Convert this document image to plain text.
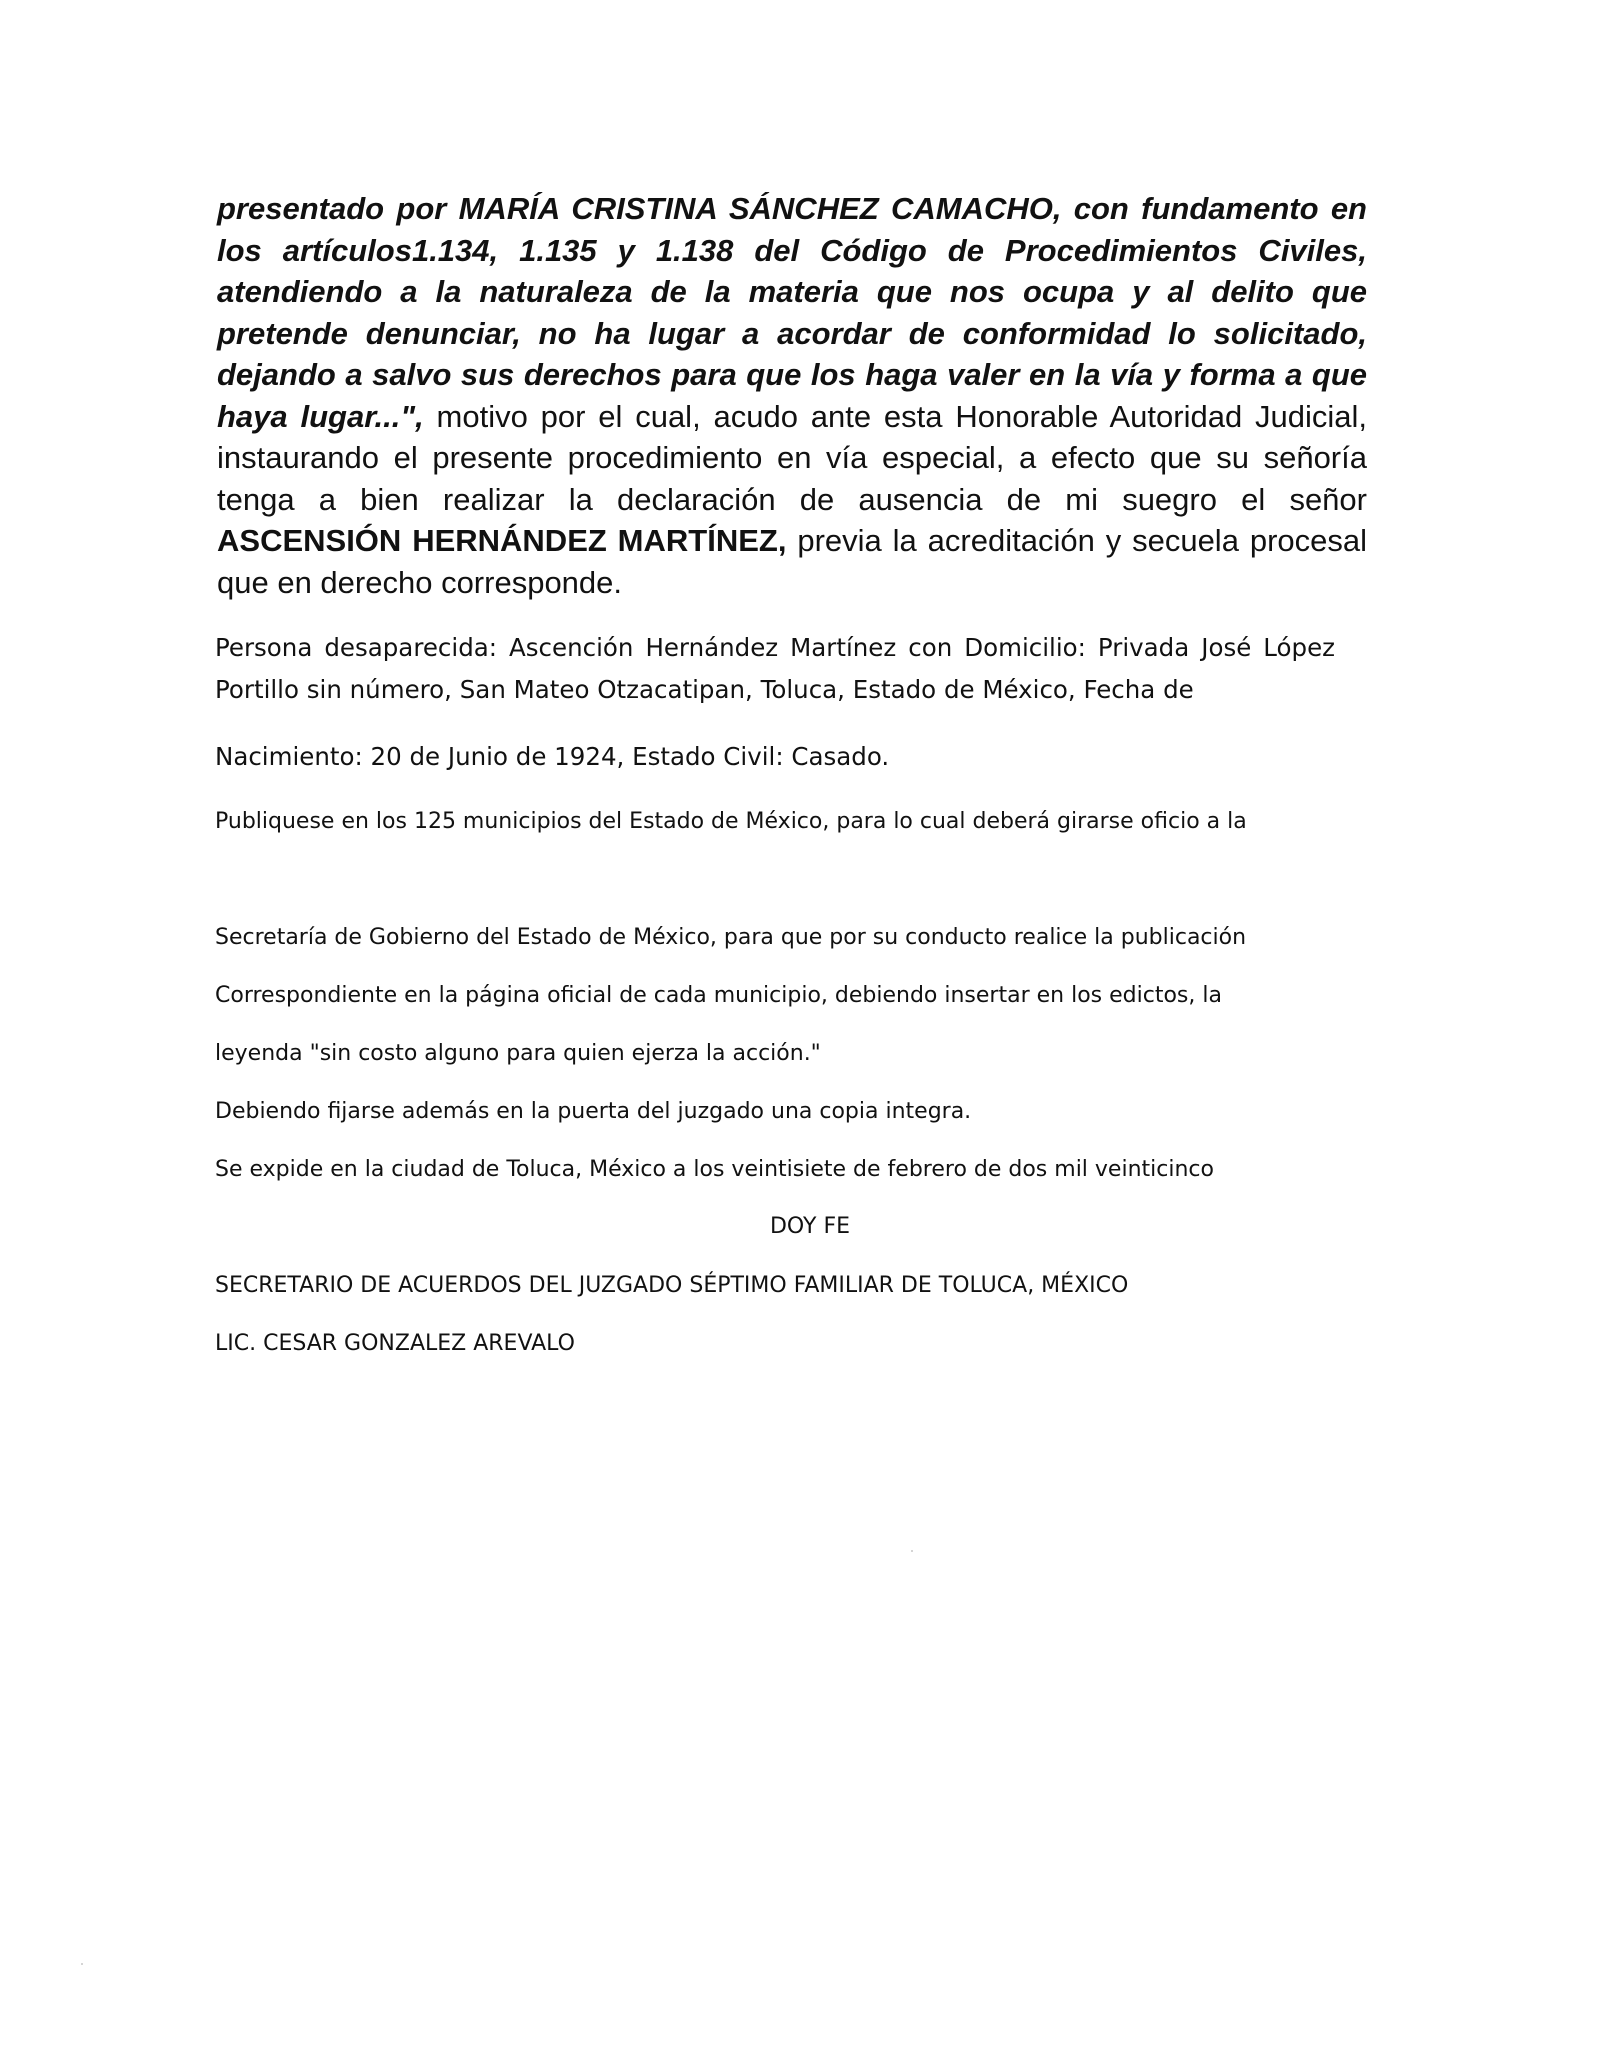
presentado por MARÍA CRISTINA SÁNCHEZ CAMACHO, con fundamento en los artículos1.134, 1.135 y 1.138 del Código de Procedimientos Civiles, atendiendo a la naturaleza de la materia que nos ocupa y al delito que pretende denunciar, no ha lugar a acordar de conformidad lo solicitado, dejando a salvo sus derechos para que los haga valer en la vía y forma a que haya lugar...", motivo por el cual, acudo ante esta Honorable Autoridad Judicial, instaurando el presente procedimiento en vía especial, a efecto que su señoría tenga a bien realizar la declaración de ausencia de mi suegro el señor ASCENSIÓN HERNÁNDEZ MARTÍNEZ, previa la acreditación y secuela procesal que en derecho corresponde.

Persona desaparecida: Ascención Hernández Martínez con Domicilio: Privada José López

Portillo sin número, San Mateo Otzacatipan, Toluca, Estado de México, Fecha de

Nacimiento: 20 de Junio de 1924, Estado Civil: Casado.

Publiquese en los 125 municipios del Estado de México, para lo cual deberá girarse oficio a la

Secretaría de Gobierno del Estado de México, para que por su conducto realice la publicación

Correspondiente en la página oficial de cada municipio, debiendo insertar en los edictos, la

leyenda "sin costo alguno para quien ejerza la acción."

Debiendo fijarse además en la puerta del juzgado una copia integra.

Se expide en la ciudad de Toluca, México a los veintisiete de febrero de dos mil veinticinco

DOY FE

SECRETARIO DE ACUERDOS DEL JUZGADO SÉPTIMO FAMILIAR DE TOLUCA, MÉXICO

LIC. CESAR GONZALEZ AREVALO
